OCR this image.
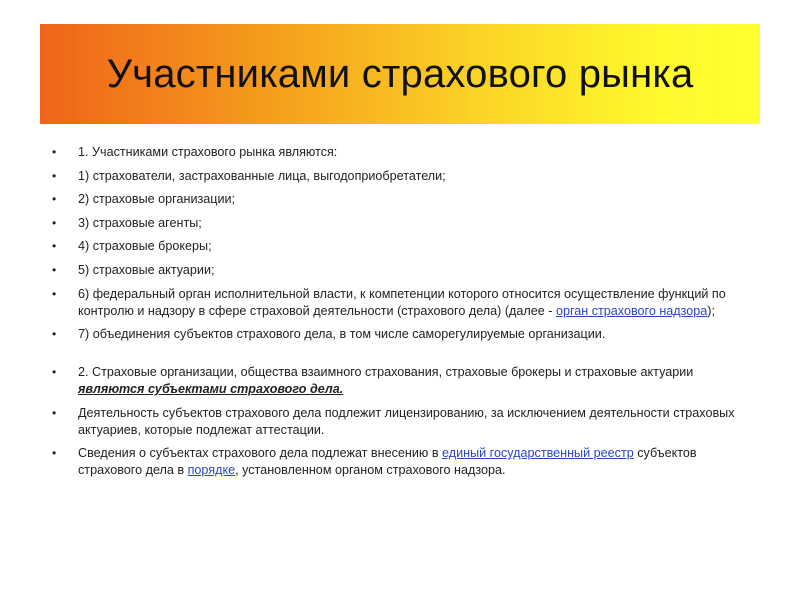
Участниками страхового рынка
• 1. Участниками страхового рынка являются:
• 1) страхователи, застрахованные лица, выгодоприобретатели;
• 2) страховые организации;
• 3) страховые агенты;
• 4) страховые брокеры;
• 5) страховые актуарии;
• 6) федеральный орган исполнительной власти, к компетенции которого относится осуществление функций по контролю и надзору в сфере страховой деятельности (страхового дела) (далее - орган страхового надзора);
• 7) объединения субъектов страхового дела, в том числе саморегулируемые организации.
• 2. Страховые организации, общества взаимного страхования, страховые брокеры и страховые актуарии являются субъектами страхового дела.
• Деятельность субъектов страхового дела подлежит лицензированию, за исключением деятельности страховых актуариев, которые подлежат аттестации.
• Сведения о субъектах страхового дела подлежат внесению в единый государственный реестр субъектов страхового дела в порядке, установленном органом страхового надзора.
